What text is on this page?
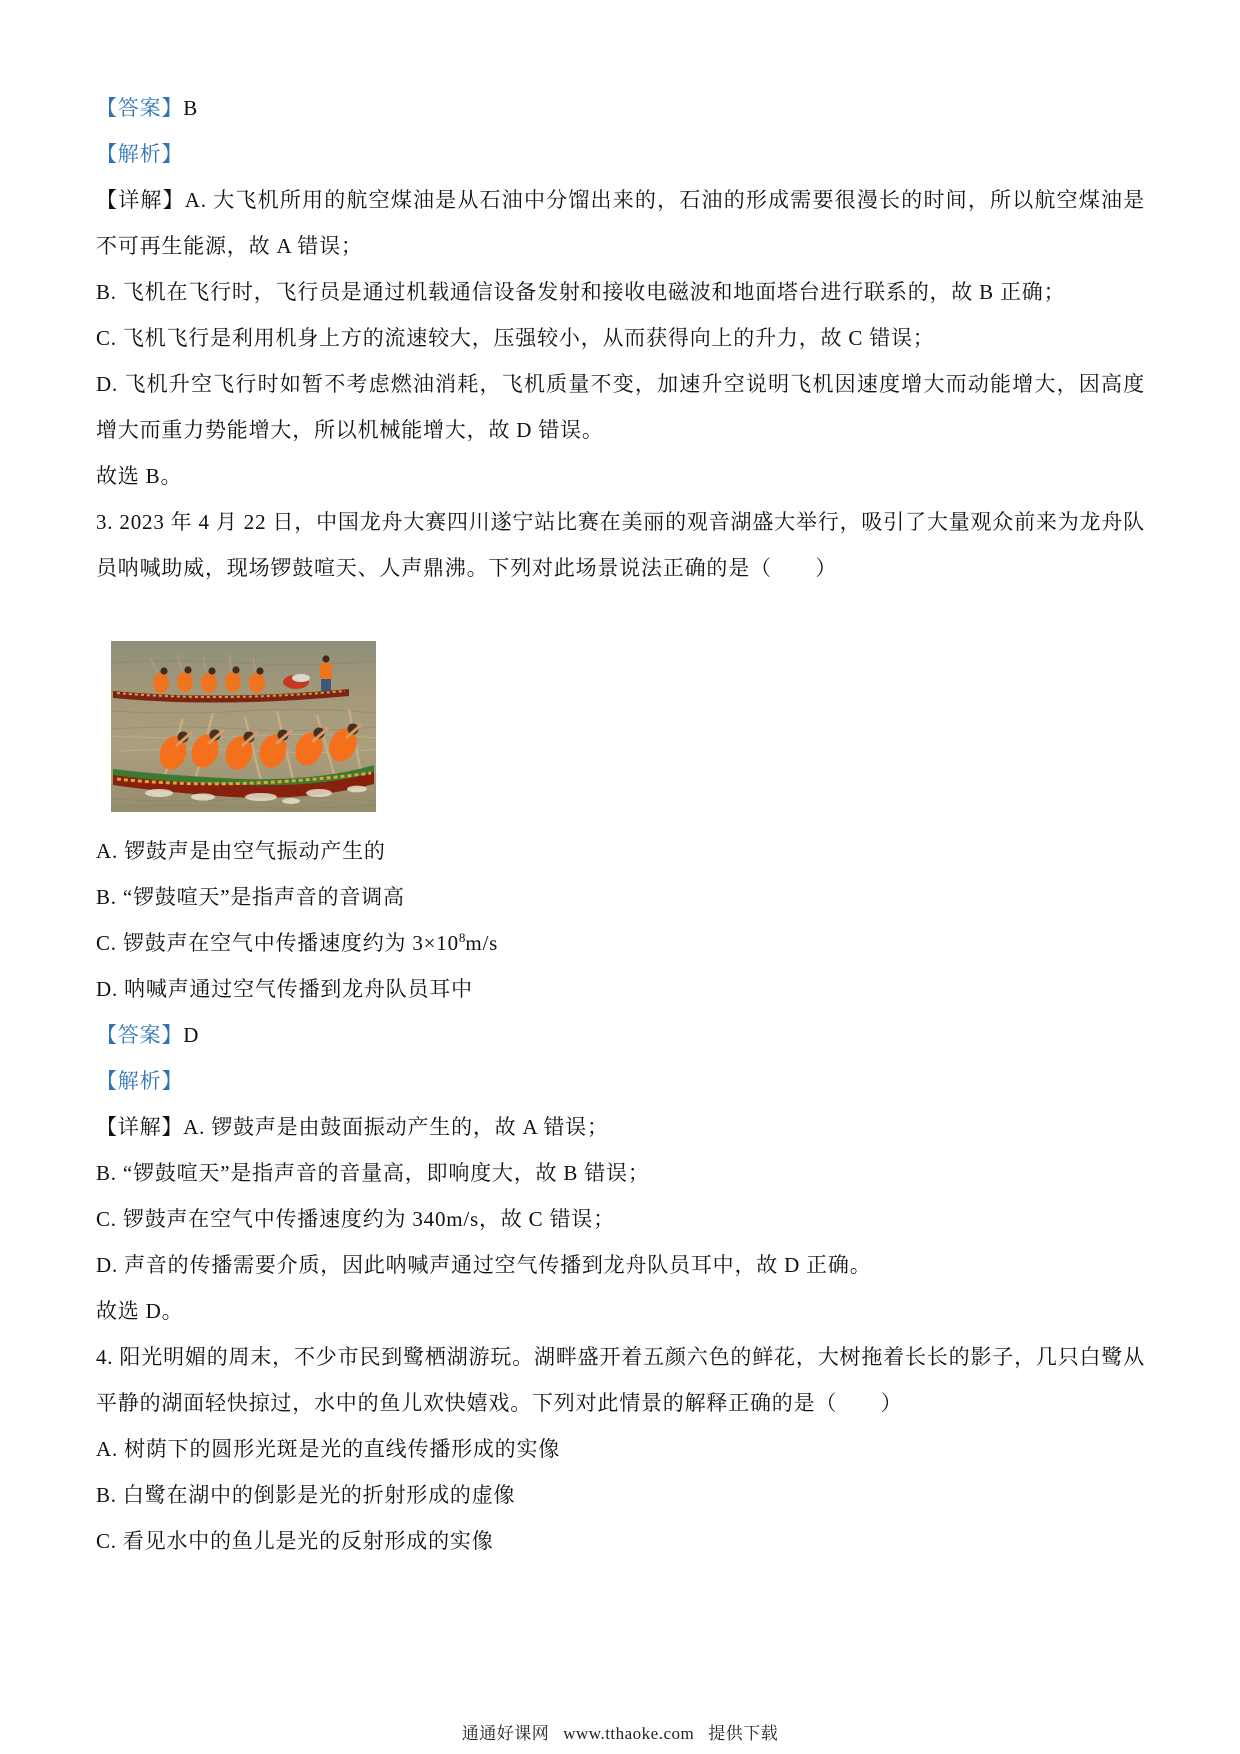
【答案】B

【解析】

【详解】A. 大飞机所用的航空煤油是从石油中分馏出来的，石油的形成需要很漫长的时间，所以航空煤油是不可再生能源，故 A 错误；

B. 飞机在飞行时，飞行员是通过机载通信设备发射和接收电磁波和地面塔台进行联系的，故 B 正确；

C. 飞机飞行是利用机身上方的流速较大，压强较小，从而获得向上的升力，故 C 错误；

D. 飞机升空飞行时如暂不考虑燃油消耗，飞机质量不变，加速升空说明飞机因速度增大而动能增大，因高度增大而重力势能增大，所以机械能增大，故 D 错误。

故选 B。

3. 2023 年 4 月 22 日，中国龙舟大赛四川遂宁站比赛在美丽的观音湖盛大举行，吸引了大量观众前来为龙舟队员呐喊助威，现场锣鼓喧天、人声鼎沸。下列对此场景说法正确的是（　　）

A. 锣鼓声是由空气振动产生的

B. “锣鼓喧天”是指声音的音调高

C. 锣鼓声在空气中传播速度约为 $3\times 10^8m/s$

D. 呐喊声通过空气传播到龙舟队员耳中

【答案】D

【解析】

【详解】A. 锣鼓声是由鼓面振动产生的，故 A 错误；

B. “锣鼓喧天”是指声音的音量高，即响度大，故 B 错误；

C. 锣鼓声在空气中传播速度约为 340m/s，故 C 错误；

D. 声音的传播需要介质，因此呐喊声通过空气传播到龙舟队员耳中，故 D 正确。

故选 D。

4. 阳光明媚的周末，不少市民到鹭栖湖游玩。湖畔盛开着五颜六色的鲜花，大树拖着长长的影子，几只白鹭从平静的湖面轻快掠过，水中的鱼儿欢快嬉戏。下列对此情景的解释正确的是（　　）

A. 树荫下的圆形光斑是光的直线传播形成的实像

B. 白鹭在湖中的倒影是光的折射形成的虚像

C. 看见水中的鱼儿是光的反射形成的实像

通通好课网 www.tthaoke.com 提供下载
